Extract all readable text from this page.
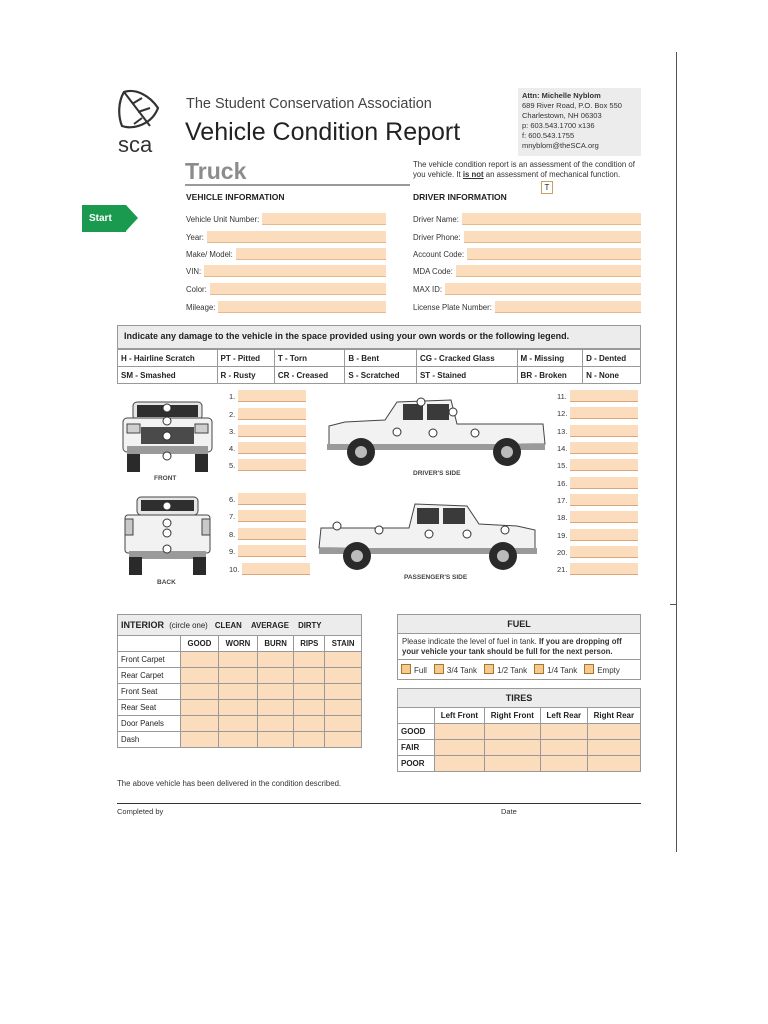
sca
The Student Conservation Association
Vehicle Condition Report
Attn: Michelle Nyblom
689 River Road, P.O. Box 550
Charlestown, NH 06303
p: 603.543.1700 x136
f: 600.543.1755
mnyblom@theSCA.org
Truck	The vehicle condition report is an assessment of the condition of you vehicle. It is not an assessment of mechanical function.
T
Start
VEHICLE INFORMATION
Vehicle Unit Number:
Year:
Make/ Model:
VIN:
Color:
Mileage:
DRIVER INFORMATION
Driver Name:
Driver Phone:
Account Code:
MDA Code:
MAX ID:
License Plate Number:
Indicate any damage to the vehicle in the space provided using your own words or the following legend.
H - Hairline Scratch	PT - Pitted	T - Torn	B - Bent	CG - Cracked Glass	M - Missing	D - Dented
SM - Smashed	R - Rusty	CR - Creased	S - Scratched	ST - Stained	BR - Broken	N - None
FRONT
BACK
DRIVER'S SIDE
PASSENGER'S SIDE
1.
2.
3.
4.
5.
6.
7.
8.
9.
10.
11.
12.
13.
14.
15.
16.
17.
18.
19.
20.
21.
INTERIOR (circle one) CLEAN AVERAGE DIRTY					
	GOOD	WORN	BURN	RIPS	STAIN
Front Carpet					
Rear Carpet					
Front Seat					
Rear Seat					
Door Panels					
Dash					
FUEL
Please indicate the level of fuel in tank. If you are dropping off your vehicle your tank should be full for the next person.
Full	3/4 Tank	1/2 Tank	1/4 Tank	Empty
TIRES				
	Left Front	Right Front	Left Rear	Right Rear
GOOD				
FAIR				
POOR				
The above vehicle has been delivered in the condition described.
Completed by	Date
